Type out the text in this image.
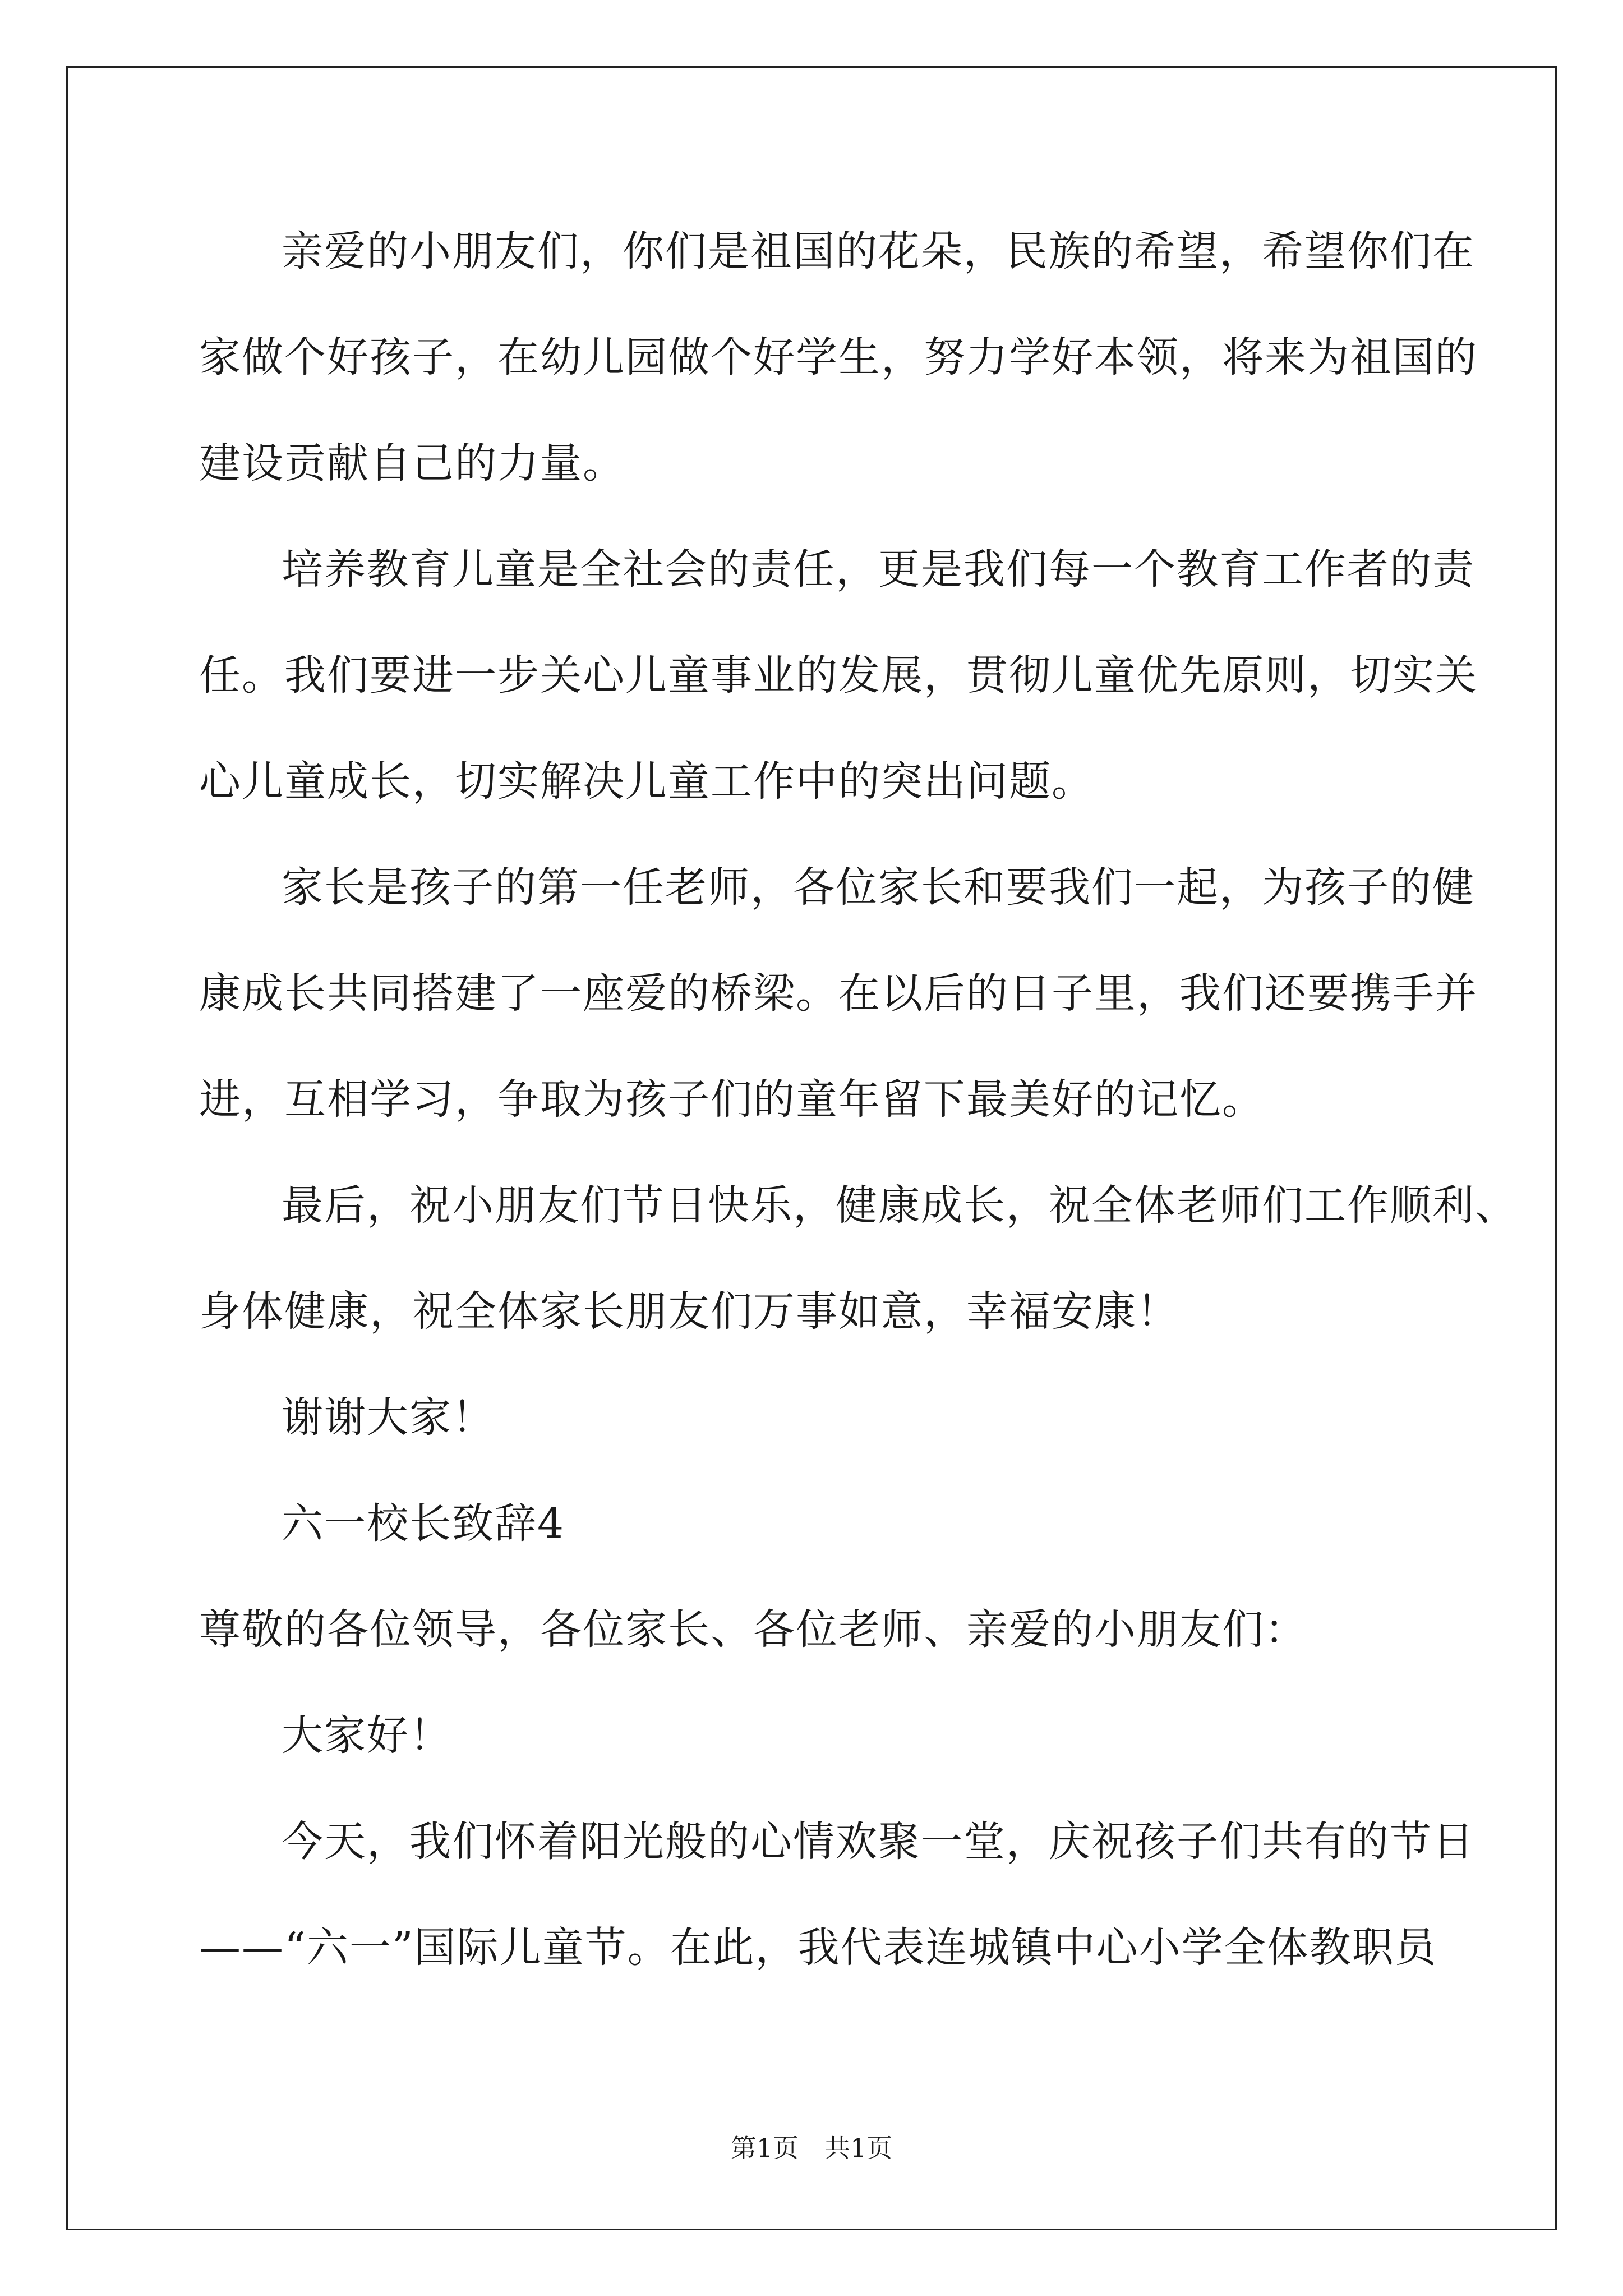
亲爱的小朋友们，你们是祖国的花朵，民族的希望，希望你们在
家做个好孩子，在幼儿园做个好学生，努力学好本领，将来为祖国的
建设贡献自己的力量。
培养教育儿童是全社会的责任，更是我们每一个教育工作者的责
任。我们要进一步关心儿童事业的发展，贯彻儿童优先原则，切实关
心儿童成长，切实解决儿童工作中的突出问题。
家长是孩子的第一任老师，各位家长和要我们一起，为孩子的健
康成长共同搭建了一座爱的桥梁。在以后的日子里，我们还要携手并
进，互相学习，争取为孩子们的童年留下最美好的记忆。
最后，祝小朋友们节日快乐，健康成长，祝全体老师们工作顺利、
身体健康，祝全体家长朋友们万事如意，幸福安康！
谢谢大家！
六一校长致辞4
尊敬的各位领导，各位家长、各位老师、亲爱的小朋友们：
大家好！
今天，我们怀着阳光般的心情欢聚一堂，庆祝孩子们共有的节日
——“六一”国际儿童节。在此，我代表连城镇中心小学全体教职员
第1页　共1页
